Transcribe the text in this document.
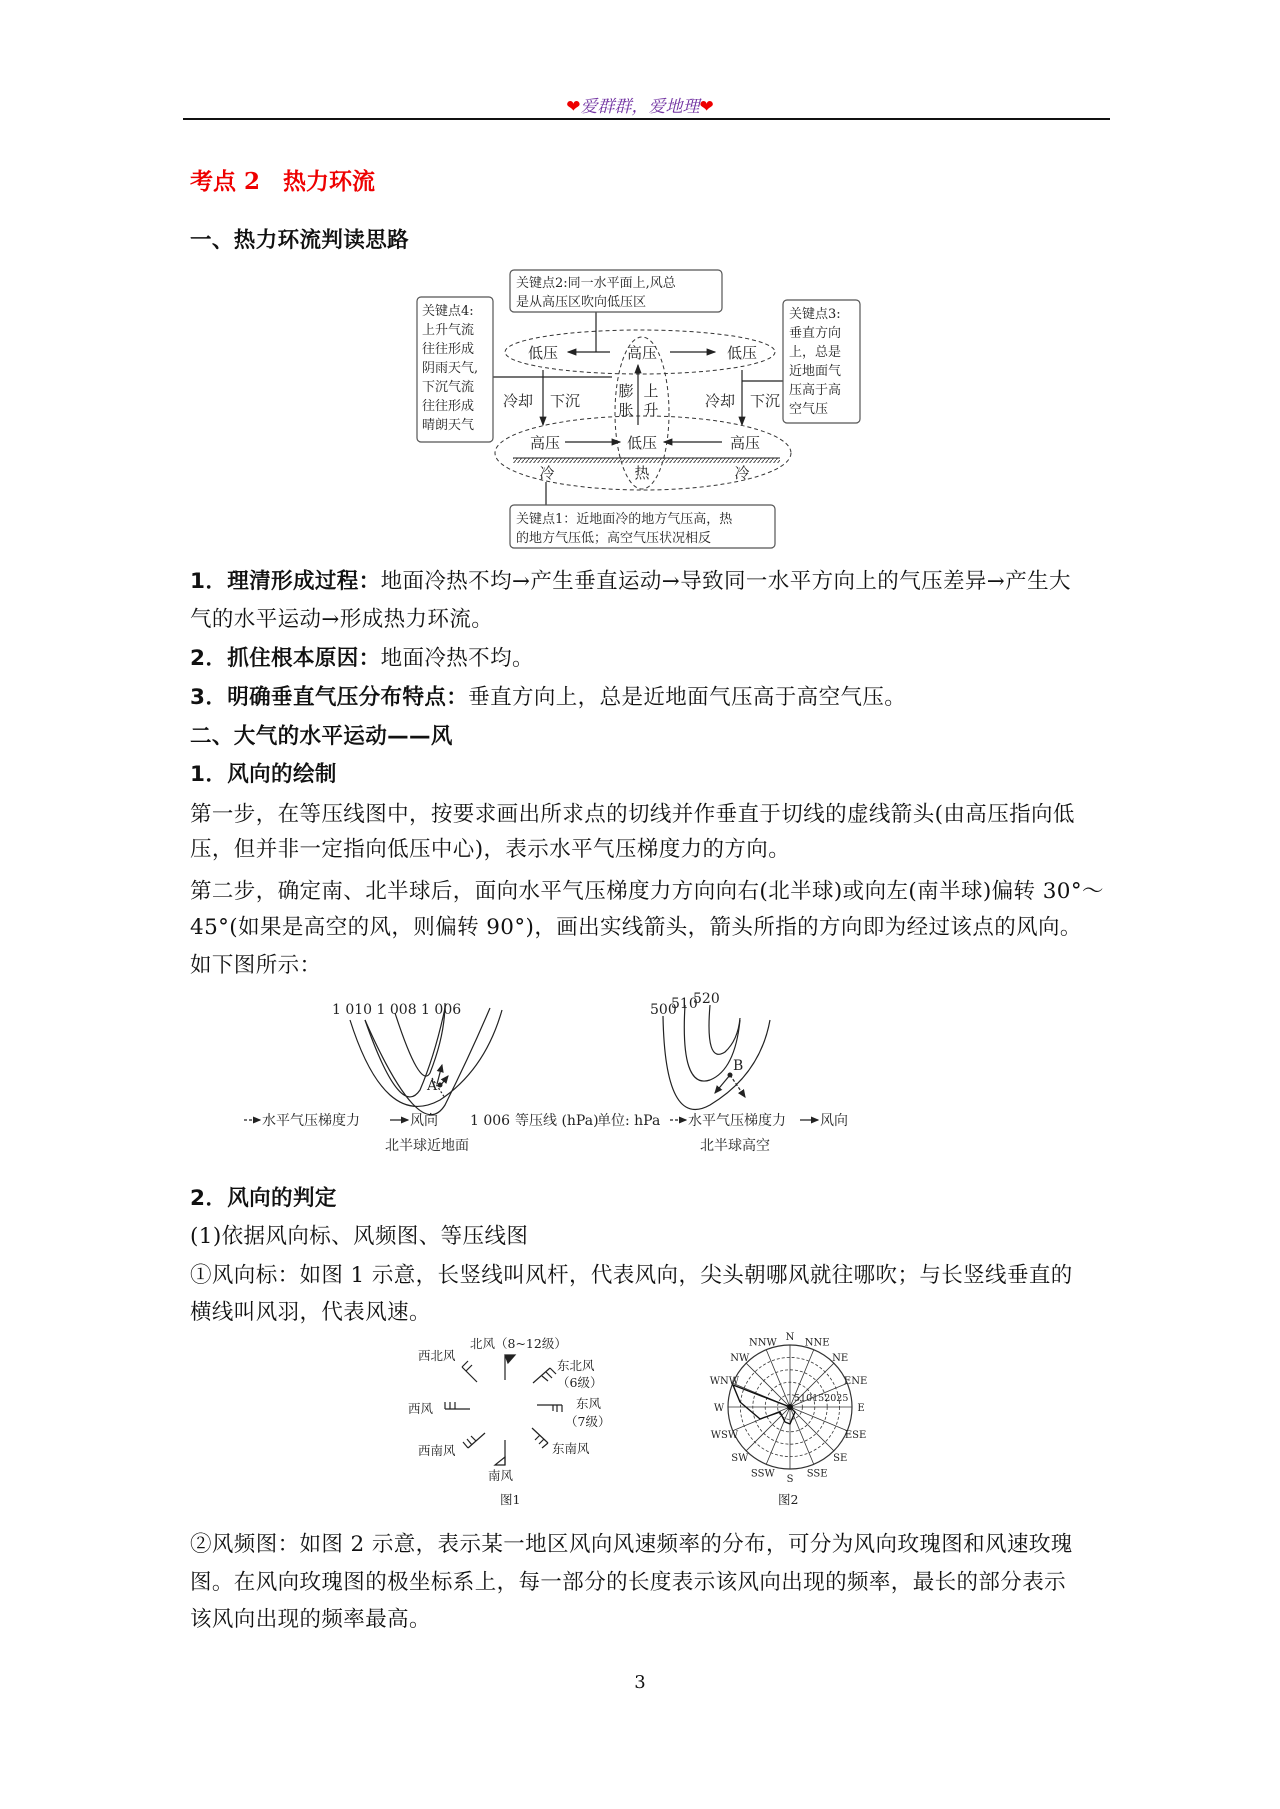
❤爱群群，爱地理❤
考点 2　热力环流
一、热力环流判读思路
关键点2:同一水平面上,风总
是从高压区吹向低压区
关键点4:
上升气流
往往形成
阴雨天气,
下沉气流
往往形成
晴朗天气
关键点3:
垂直方向
上，总是
近地面气
压高于高
空气压
关键点1：近地面冷的地方气压高，热
的地方气压低；高空气压状况相反
低压	高压	低压
高压	低压	高压
冷	热	冷
冷却 下沉	冷却 下沉
膨
胀
上
升
1．理清形成过程：地面冷热不均→产生垂直运动→导致同一水平方向上的气压差异→产生大
气的水平运动→形成热力环流。
2．抓住根本原因：地面冷热不均。
3．明确垂直气压分布特点：垂直方向上，总是近地面气压高于高空气压。
二、大气的水平运动——风
1．风向的绘制
第一步，在等压线图中，按要求画出所求点的切线并作垂直于切线的虚线箭头(由高压指向低
压，但并非一定指向低压中心)，表示水平气压梯度力的方向。
第二步，确定南、北半球后，面向水平气压梯度力方向向右(北半球)或向左(南半球)偏转 30°～
45°(如果是高空的风，则偏转 90°)，画出实线箭头，箭头所指的方向即为经过该点的风向。
如下图所示：
1 010 1 008 1 006
A
水平气压梯度力	风向 1 006 等压线 (hPa)
北半球近地面
500
510
520
B
单位: hPa 水平气压梯度力 风向
北半球高空
2．风向的判定
(1)依据风向标、风频图、等压线图
①风向标：如图 1 示意，长竖线叫风杆，代表风向，尖头朝哪风就往哪吹；与长竖线垂直的
横线叫风羽，代表风速。
北风（8~12级）
西北风
东北风
（6级）
西风	东风
（7级）
西南风	东南风
南风
图1	图2
N NNE
NE
ENE
E
ESE
SE
SSE
S
SSW
SW
WSW
W
WNW
NW
NNW
510152025
②风频图：如图 2 示意，表示某一地区风向风速频率的分布，可分为风向玫瑰图和风速玫瑰
图。在风向玫瑰图的极坐标系上，每一部分的长度表示该风向出现的频率，最长的部分表示
该风向出现的频率最高。
3
